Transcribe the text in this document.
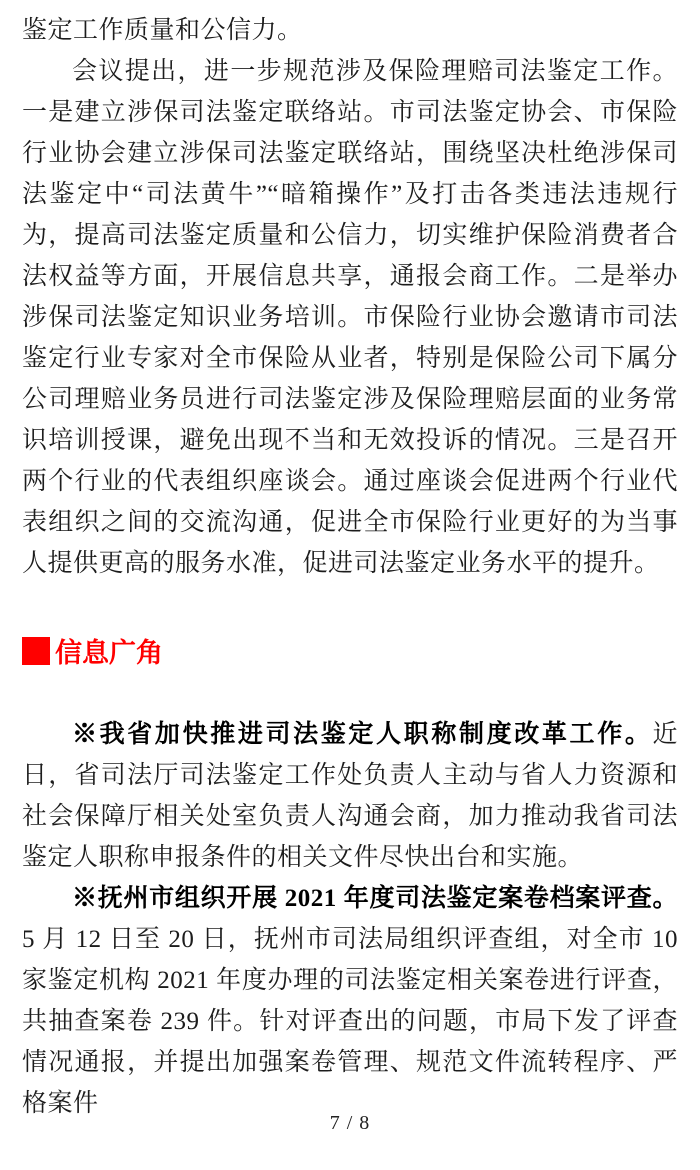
鉴定工作质量和公信力。

会议提出，进一步规范涉及保险理赔司法鉴定工作。一是建立涉保司法鉴定联络站。市司法鉴定协会、市保险行业协会建立涉保司法鉴定联络站，围绕坚决杜绝涉保司法鉴定中“司法黄牛”“暗箱操作”及打击各类违法违规行为，提高司法鉴定质量和公信力，切实维护保险消费者合法权益等方面，开展信息共享，通报会商工作。二是举办涉保司法鉴定知识业务培训。市保险行业协会邀请市司法鉴定行业专家对全市保险从业者，特别是保险公司下属分公司理赔业务员进行司法鉴定涉及保险理赔层面的业务常识培训授课，避免出现不当和无效投诉的情况。三是召开两个行业的代表组织座谈会。通过座谈会促进两个行业代表组织之间的交流沟通，促进全市保险行业更好的为当事人提供更高的服务水准，促进司法鉴定业务水平的提升。

信息广角

※我省加快推进司法鉴定人职称制度改革工作。近日，省司法厅司法鉴定工作处负责人主动与省人力资源和社会保障厅相关处室负责人沟通会商，加力推动我省司法鉴定人职称申报条件的相关文件尽快出台和实施。

※抚州市组织开展 2021 年度司法鉴定案卷档案评查。5 月 12 日至 20 日，抚州市司法局组织评查组，对全市 10 家鉴定机构 2021 年度办理的司法鉴定相关案卷进行评查，共抽查案卷 239 件。针对评查出的问题，市局下发了评查情况通报，并提出加强案卷管理、规范文件流转程序、严格案件

7 / 8
